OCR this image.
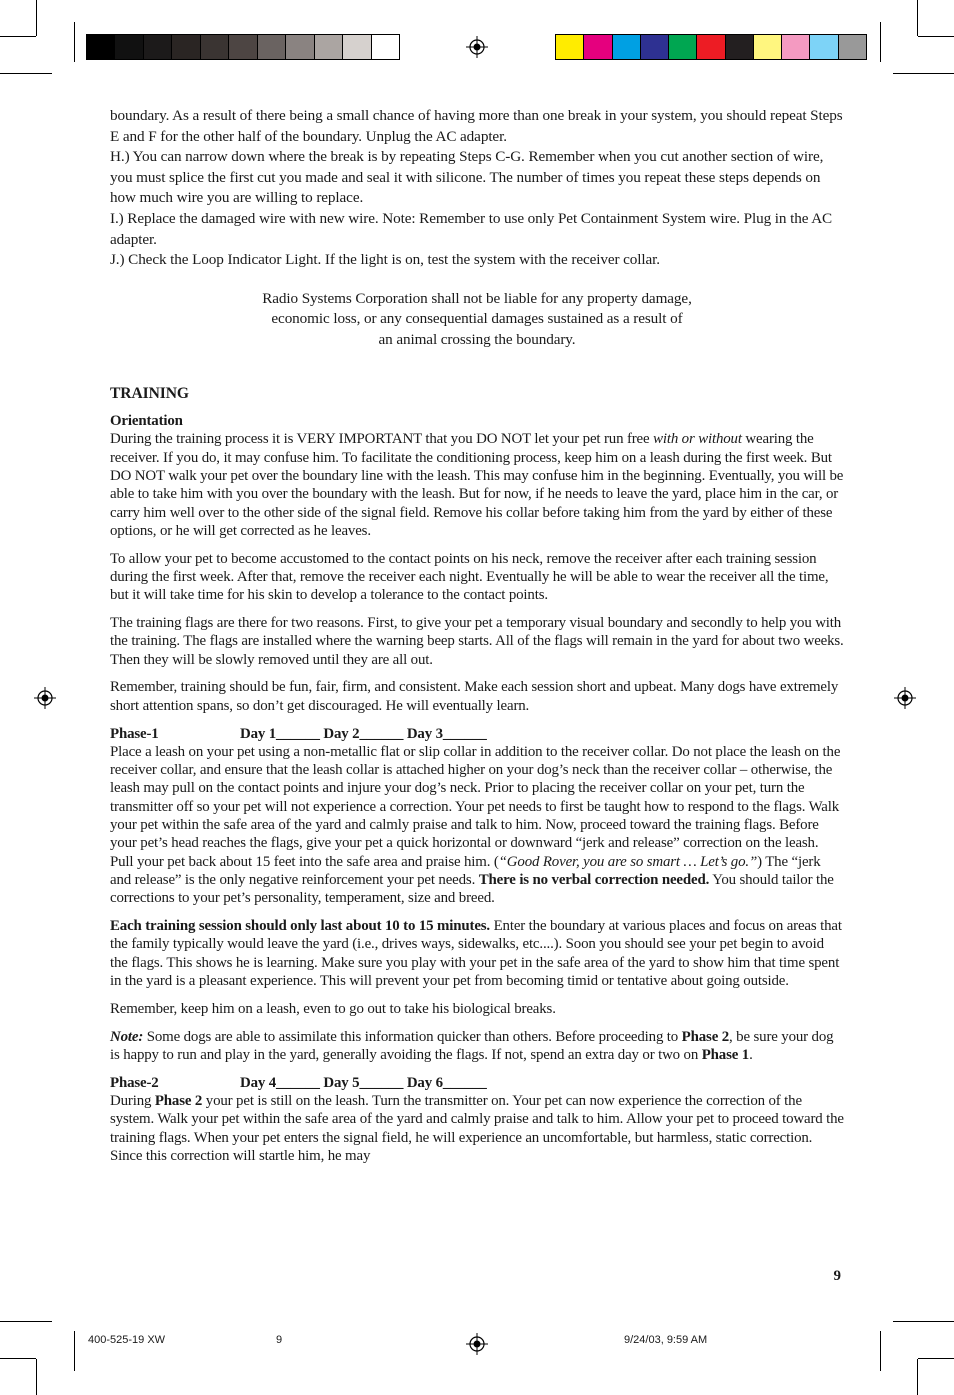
boundary. As a result of there being a small chance of having more than one break in your system, you should repeat Steps E and F for the other half of the boundary. Unplug the AC adapter.

H.) You can narrow down where the break is by repeating Steps C-G. Remember when you cut another section of wire, you must splice the first cut you made and seal it with silicone. The number of times you repeat these steps depends on how much wire you are willing to replace.

I.) Replace the damaged wire with new wire. Note: Remember to use only Pet Containment System wire. Plug in the AC adapter.

J.) Check the Loop Indicator Light. If the light is on, test the system with the receiver collar.

Radio Systems Corporation shall not be liable for any property damage,

economic loss, or any consequential damages sustained as a result of

an animal crossing the boundary.

TRAINING

Orientation

During the training process it is VERY IMPORTANT that you DO NOT let your pet run free with or without wearing the receiver. If you do, it may confuse him. To facilitate the conditioning process, keep him on a leash during the first week. But DO NOT walk your pet over the boundary line with the leash. This may confuse him in the beginning. Eventually, you will be able to take him with you over the boundary with the leash. But for now, if he needs to leave the yard, place him in the car, or carry him well over to the other side of the signal field. Remove his collar before taking him from the yard by either of these options, or he will get corrected as he leaves.

To allow your pet to become accustomed to the contact points on his neck, remove the receiver after each training session during the first week. After that, remove the receiver each night. Eventually he will be able to wear the receiver all the time, but it will take time for his skin to develop a tolerance to the contact points.

The training flags are there for two reasons. First, to give your pet a temporary visual boundary and secondly to help you with the training. The flags are installed where the warning beep starts. All of the flags will remain in the yard for about two weeks. Then they will be slowly removed until they are all out.

Remember, training should be fun, fair, firm, and consistent. Make each session short and upbeat. Many dogs have extremely short attention spans, so don’t get discouraged. He will eventually learn.

Phase-1	Day 1______ Day 2______ Day 3______

Place a leash on your pet using a non-metallic flat or slip collar in addition to the receiver collar. Do not place the leash on the receiver collar, and ensure that the leash collar is attached higher on your dog’s neck than the receiver collar – otherwise, the leash may pull on the contact points and injure your dog’s neck. Prior to placing the receiver collar on your pet, turn the transmitter off so your pet will not experience a correction. Your pet needs to first be taught how to respond to the flags. Walk your pet within the safe area of the yard and calmly praise and talk to him. Now, proceed toward the training flags. Before your pet’s head reaches the flags, give your pet a quick horizontal or downward “jerk and release” correction on the leash. Pull your pet back about 15 feet into the safe area and praise him. (“Good Rover, you are so smart … Let’s go.”) The “jerk and release” is the only negative reinforcement your pet needs. There is no verbal correction needed. You should tailor the corrections to your pet’s personality, temperament, size and breed.

Each training session should only last about 10 to 15 minutes. Enter the boundary at various places and focus on areas that the family typically would leave the yard (i.e., drives ways, sidewalks, etc....). Soon you should see your pet begin to avoid the flags. This shows he is learning. Make sure you play with your pet in the safe area of the yard to show him that time spent in the yard is a pleasant experience. This will prevent your pet from becoming timid or tentative about going outside.

Remember, keep him on a leash, even to go out to take his biological breaks.

Note: Some dogs are able to assimilate this information quicker than others. Before proceeding to Phase 2, be sure your dog is happy to run and play in the yard, generally avoiding the flags. If not, spend an extra day or two on Phase 1.

Phase-2	Day 4______ Day 5______ Day 6______

During Phase 2 your pet is still on the leash. Turn the transmitter on. Your pet can now experience the correction of the system. Walk your pet within the safe area of the yard and calmly praise and talk to him. Allow your pet to proceed toward the training flags. When your pet enters the signal field, he will experience an uncomfortable, but harmless, static correction. Since this correction will startle him, he may

9
400-525-19 XW	9	9/24/03, 9:59 AM
